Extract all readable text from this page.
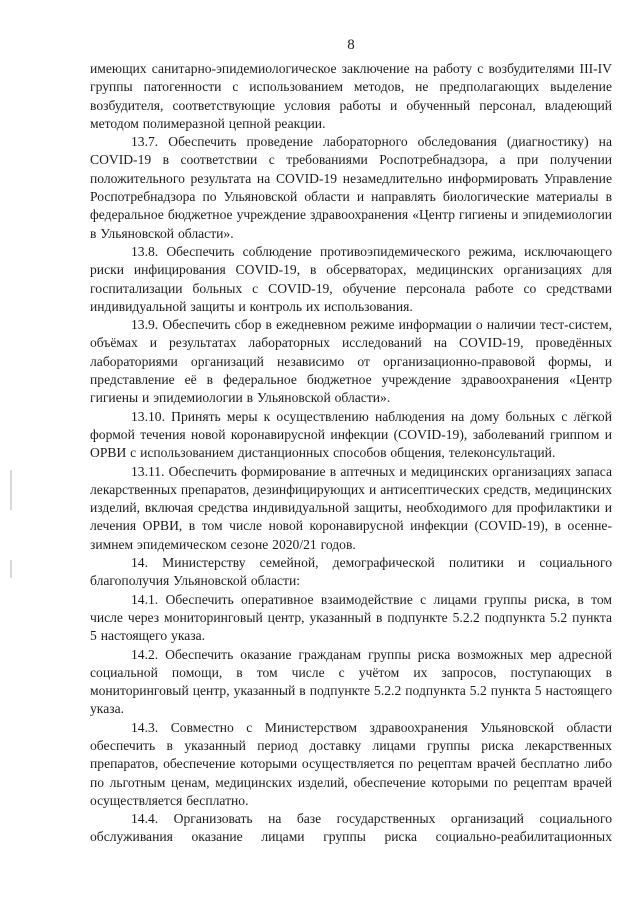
8

имеющих санитарно-эпидемиологическое заключение на работу с возбудителями III-IV группы патогенности с использованием методов, не предполагающих выделение возбудителя, соответствующие условия работы и обученный персонал, владеющий методом полимеразной цепной реакции.

13.7. Обеспечить проведение лабораторного обследования (диагностику) на COVID-19 в соответствии с требованиями Роспотребнадзора, а при получении положительного результата на COVID-19 незамедлительно информировать Управление Роспотребнадзора по Ульяновской области и направлять биологические материалы в федеральное бюджетное учреждение здравоохранения «Центр гигиены и эпидемиологии в Ульяновской области».

13.8. Обеспечить соблюдение противоэпидемического режима, исключающего риски инфицирования COVID-19, в обсерваторах, медицинских организациях для госпитализации больных с COVID-19, обучение персонала работе со средствами индивидуальной защиты и контроль их использования.

13.9. Обеспечить сбор в ежедневном режиме информации о наличии тест-систем, объёмах и результатах лабораторных исследований на COVID-19, проведённых лабораториями организаций независимо от организационно-правовой формы, и представление её в федеральное бюджетное учреждение здравоохранения «Центр гигиены и эпидемиологии в Ульяновской области».

13.10. Принять меры к осуществлению наблюдения на дому больных с лёгкой формой течения новой коронавирусной инфекции (COVID-19), заболеваний гриппом и ОРВИ с использованием дистанционных способов общения, телеконсультаций.

13.11. Обеспечить формирование в аптечных и медицинских организациях запаса лекарственных препаратов, дезинфицирующих и антисептических средств, медицинских изделий, включая средства индивидуальной защиты, необходимого для профилактики и лечения ОРВИ, в том числе новой коронавирусной инфекции (COVID-19), в осенне-зимнем эпидемическом сезоне 2020/21 годов.

14. Министерству семейной, демографической политики и социального благополучия Ульяновской области:

14.1. Обеспечить оперативное взаимодействие с лицами группы риска, в том числе через мониторинговый центр, указанный в подпункте 5.2.2 подпункта 5.2 пункта 5 настоящего указа.

14.2. Обеспечить оказание гражданам группы риска возможных мер адресной социальной помощи, в том числе с учётом их запросов, поступающих в мониторинговый центр, указанный в подпункте 5.2.2 подпункта 5.2 пункта 5 настоящего указа.

14.3. Совместно с Министерством здравоохранения Ульяновской области обеспечить в указанный период доставку лицами группы риска лекарственных препаратов, обеспечение которыми осуществляется по рецептам врачей бесплатно либо по льготным ценам, медицинских изделий, обеспечение которыми по рецептам врачей осуществляется бесплатно.

14.4. Организовать на базе государственных организаций социального обслуживания оказание лицами группы риска социально-реабилитационных
